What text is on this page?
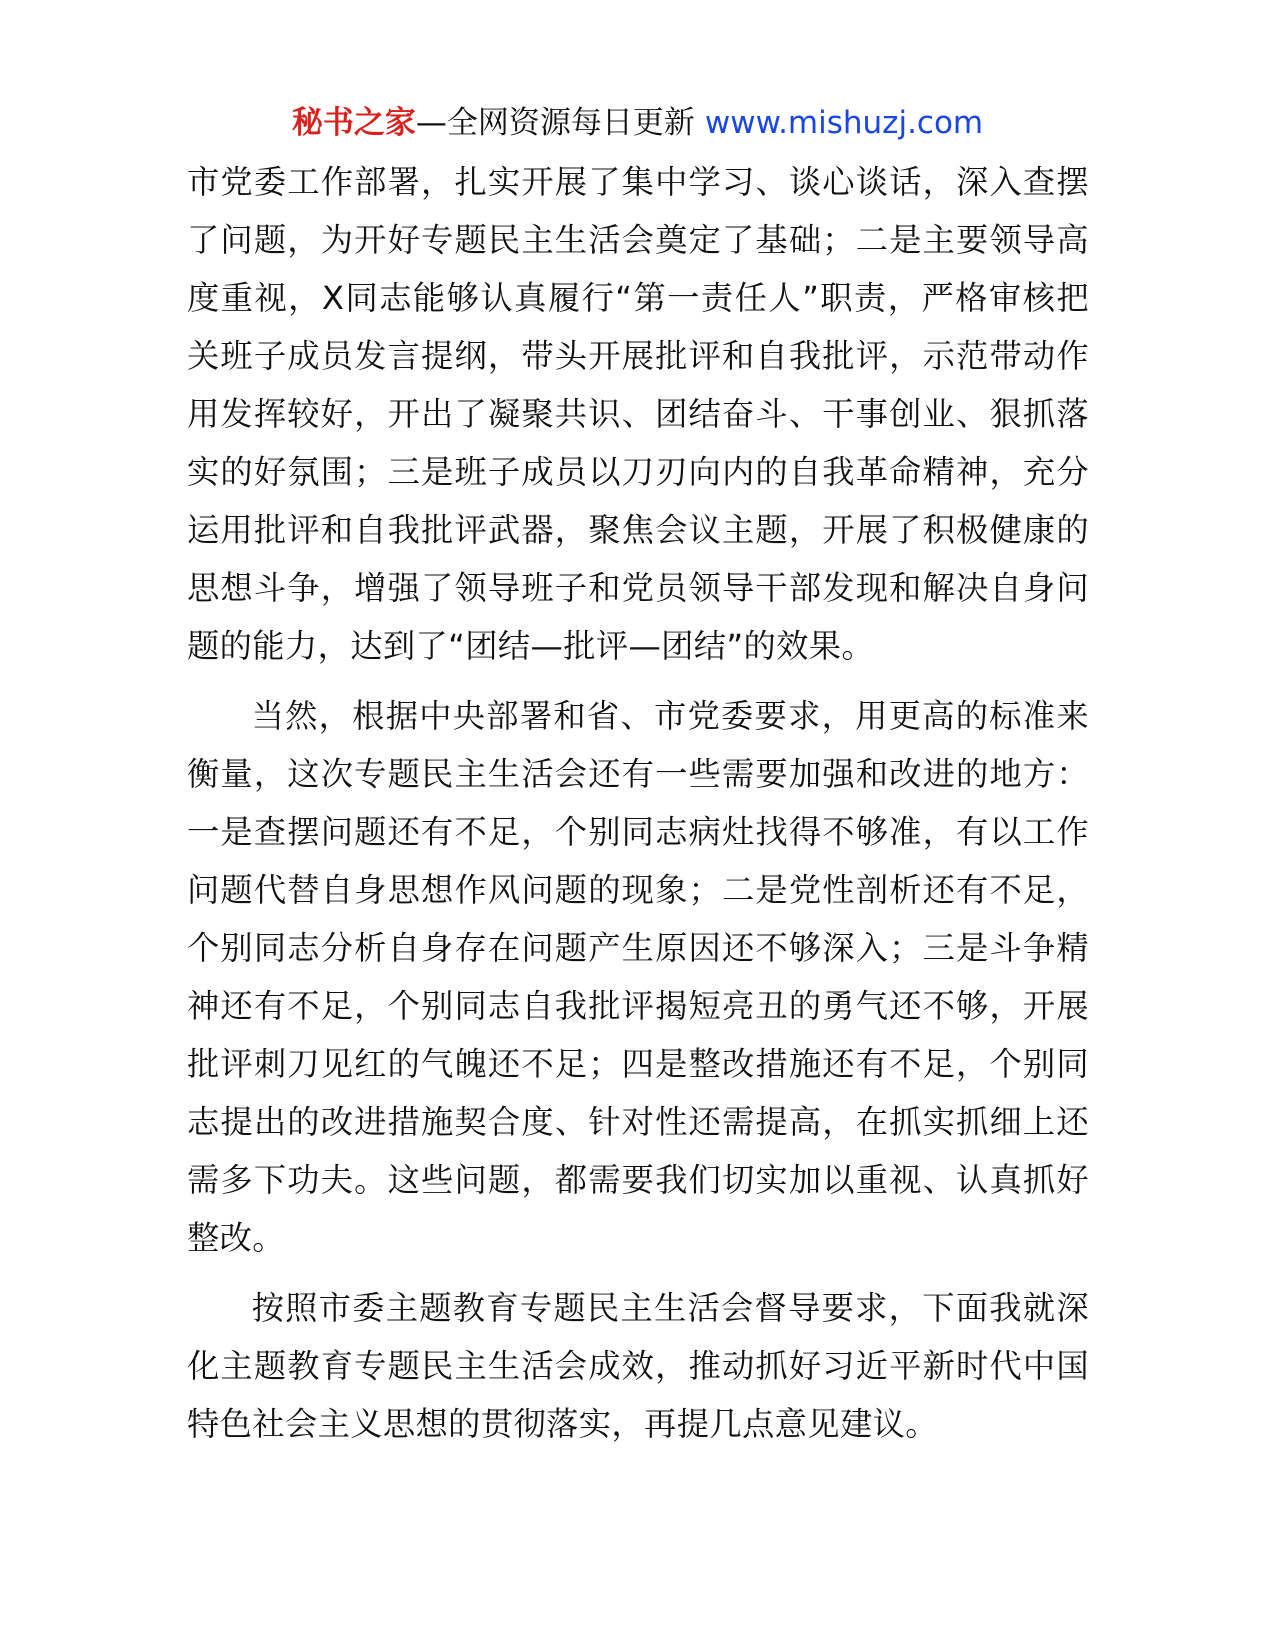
秘书之家—全网资源每日更新 www.mishuzj.com

市党委工作部署，扎实开展了集中学习、谈心谈话，深入查摆了问题，为开好专题民主生活会奠定了基础；二是主要领导高度重视，X同志能够认真履行“第一责任人”职责，严格审核把关班子成员发言提纲，带头开展批评和自我批评，示范带动作用发挥较好，开出了凝聚共识、团结奋斗、干事创业、狠抓落实的好氛围；三是班子成员以刀刃向内的自我革命精神，充分运用批评和自我批评武器，聚焦会议主题，开展了积极健康的思想斗争，增强了领导班子和党员领导干部发现和解决自身问题的能力，达到了“团结—批评—团结”的效果。

当然，根据中央部署和省、市党委要求，用更高的标准来衡量，这次专题民主生活会还有一些需要加强和改进的地方：一是查摆问题还有不足，个别同志病灶找得不够准，有以工作问题代替自身思想作风问题的现象；二是党性剖析还有不足，个别同志分析自身存在问题产生原因还不够深入；三是斗争精神还有不足，个别同志自我批评揭短亮丑的勇气还不够，开展批评刺刀见红的气魄还不足；四是整改措施还有不足，个别同志提出的改进措施契合度、针对性还需提高，在抓实抓细上还需多下功夫。这些问题，都需要我们切实加以重视、认真抓好整改。

按照市委主题教育专题民主生活会督导要求，下面我就深化主题教育专题民主生活会成效，推动抓好习近平新时代中国特色社会主义思想的贯彻落实，再提几点意见建议。
